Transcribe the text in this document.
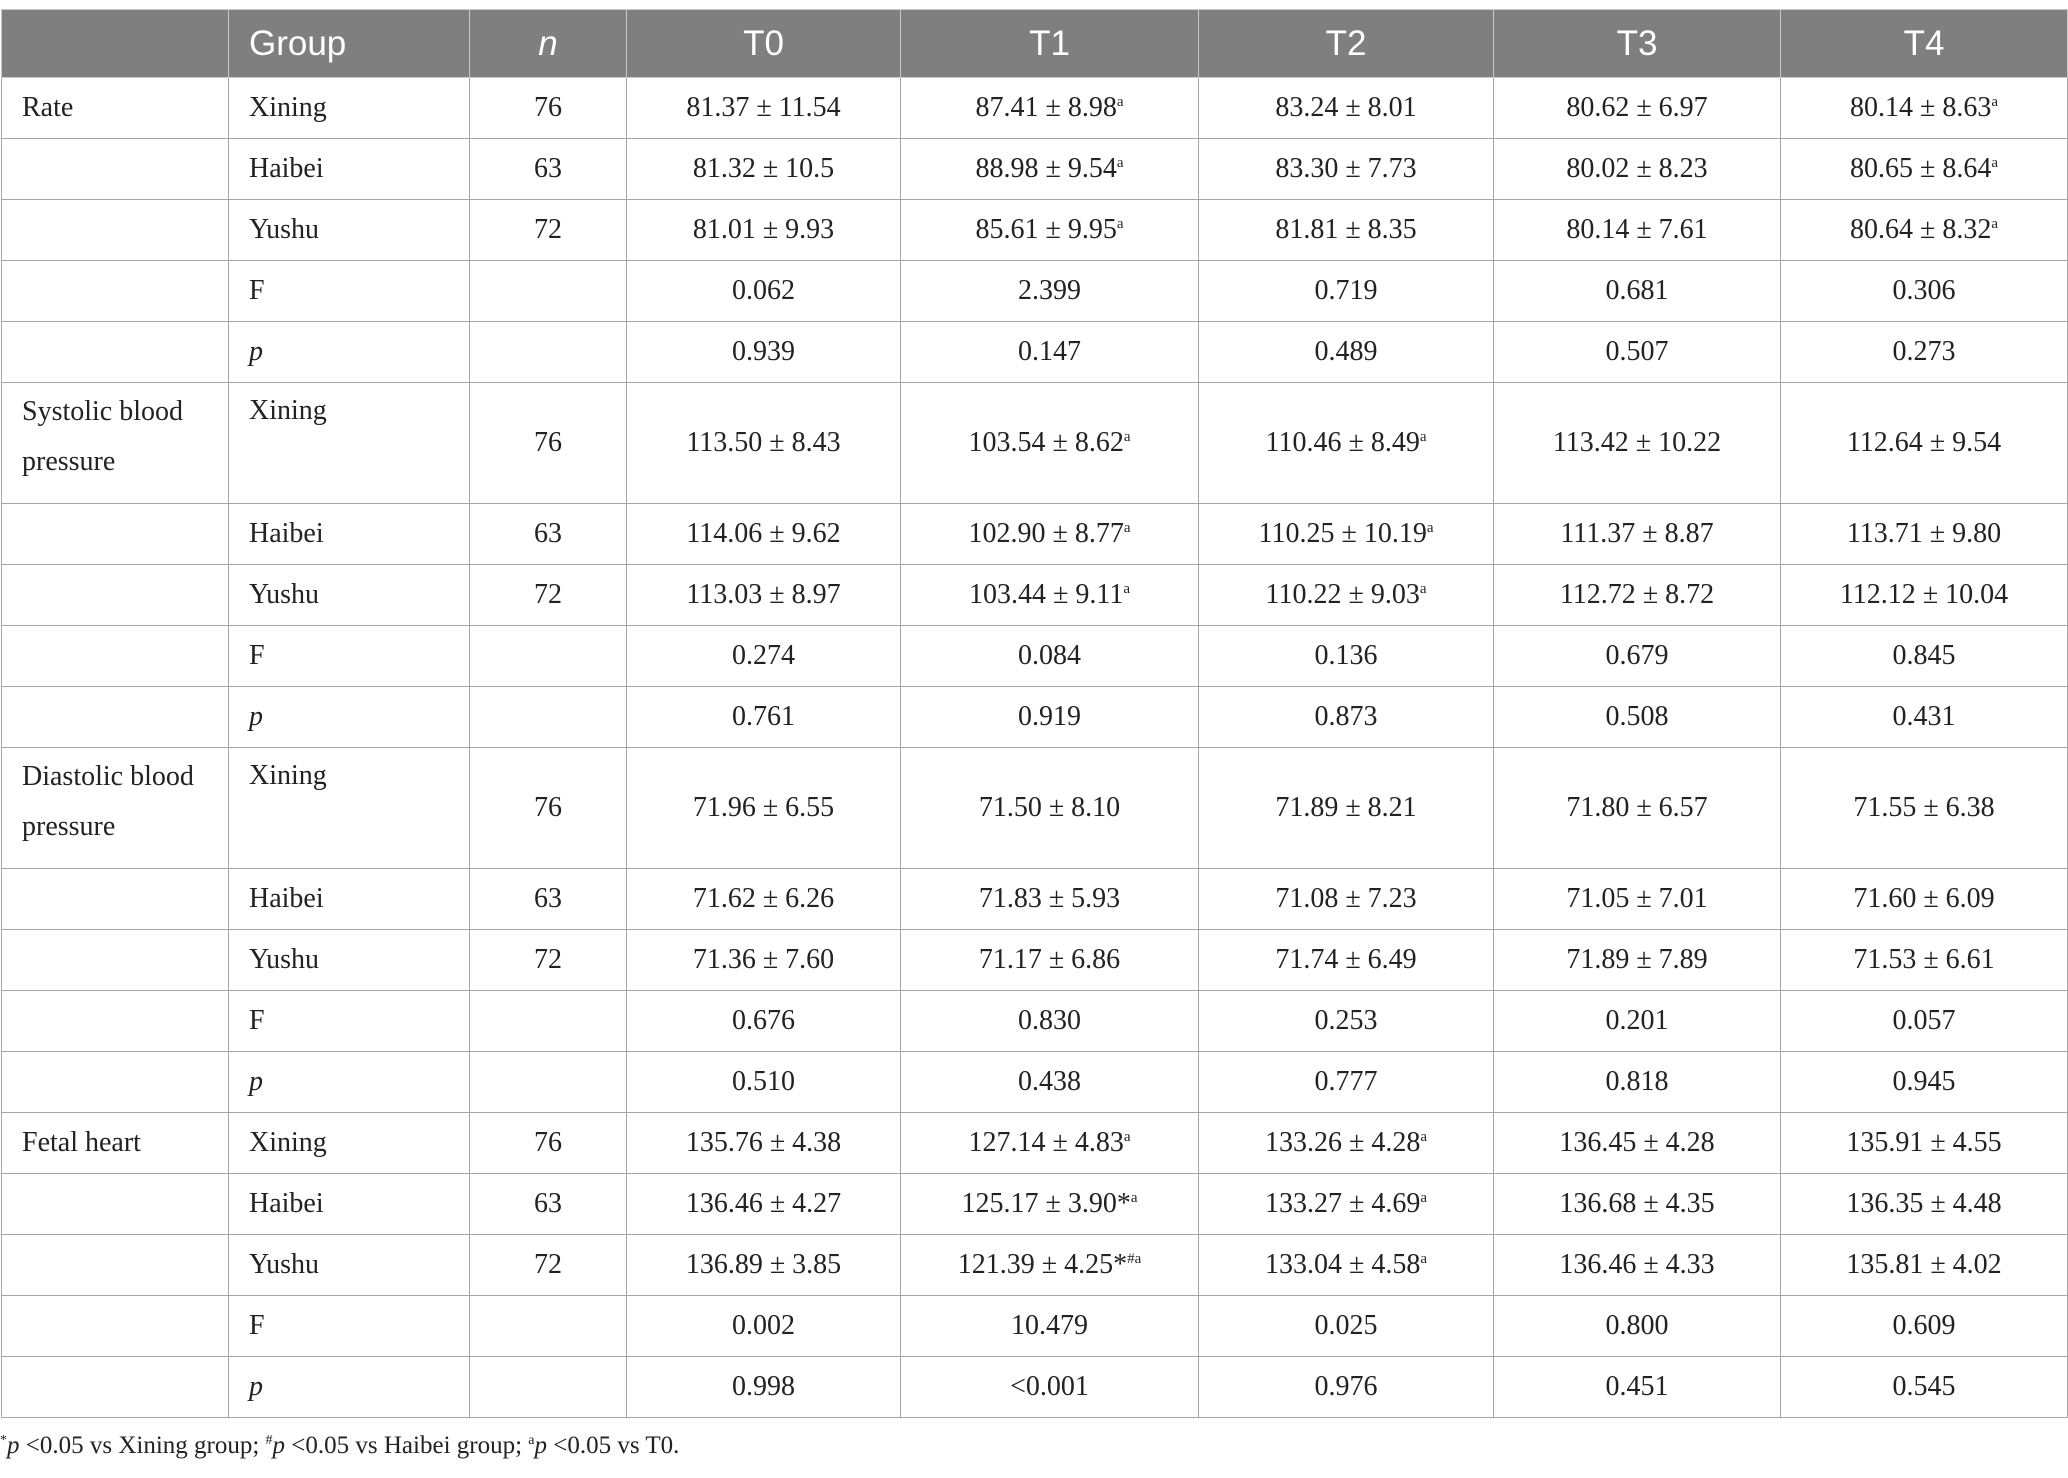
	Group	n	T0	T1	T2	T3	T4
Rate	Xining	76	81.37 ± 11.54	87.41 ± 8.98$^a$	83.24 ± 8.01	80.62 ± 6.97	80.14 ± 8.63$^a$
	Haibei	63	81.32 ± 10.5	88.98 ± 9.54$^a$	83.30 ± 7.73	80.02 ± 8.23	80.65 ± 8.64$^a$
	Yushu	72	81.01 ± 9.93	85.61 ± 9.95$^a$	81.81 ± 8.35	80.14 ± 7.61	80.64 ± 8.32$^a$
	F		0.062	2.399	0.719	0.681	0.306
	p		0.939	0.147	0.489	0.507	0.273
Systolic blood pressure	Xining	76	113.50 ± 8.43	103.54 ± 8.62$^a$	110.46 ± 8.49$^a$	113.42 ± 10.22	112.64 ± 9.54
	Haibei	63	114.06 ± 9.62	102.90 ± 8.77$^a$	110.25 ± 10.19$^a$	111.37 ± 8.87	113.71 ± 9.80
	Yushu	72	113.03 ± 8.97	103.44 ± 9.11$^a$	110.22 ± 9.03$^a$	112.72 ± 8.72	112.12 ± 10.04
	F		0.274	0.084	0.136	0.679	0.845
	p		0.761	0.919	0.873	0.508	0.431
Diastolic blood pressure	Xining	76	71.96 ± 6.55	71.50 ± 8.10	71.89 ± 8.21	71.80 ± 6.57	71.55 ± 6.38
	Haibei	63	71.62 ± 6.26	71.83 ± 5.93	71.08 ± 7.23	71.05 ± 7.01	71.60 ± 6.09
	Yushu	72	71.36 ± 7.60	71.17 ± 6.86	71.74 ± 6.49	71.89 ± 7.89	71.53 ± 6.61
	F		0.676	0.830	0.253	0.201	0.057
	p		0.510	0.438	0.777	0.818	0.945
Fetal heart	Xining	76	135.76 ± 4.38	127.14 ± 4.83$^a$	133.26 ± 4.28$^a$	136.45 ± 4.28	135.91 ± 4.55
	Haibei	63	136.46 ± 4.27	125.17 ± 3.90*$^a$	133.27 ± 4.69$^a$	136.68 ± 4.35	136.35 ± 4.48
	Yushu	72	136.89 ± 3.85	121.39 ± 4.25*$^{\#a}$	133.04 ± 4.58$^a$	136.46 ± 4.33	135.81 ± 4.02
	F		0.002	10.479	0.025	0.800	0.609
	p		0.998	<0.001	0.976	0.451	0.545
*p <0.05 vs Xining group; #p <0.05 vs Haibei group; $^a$p <0.05 vs T0.
